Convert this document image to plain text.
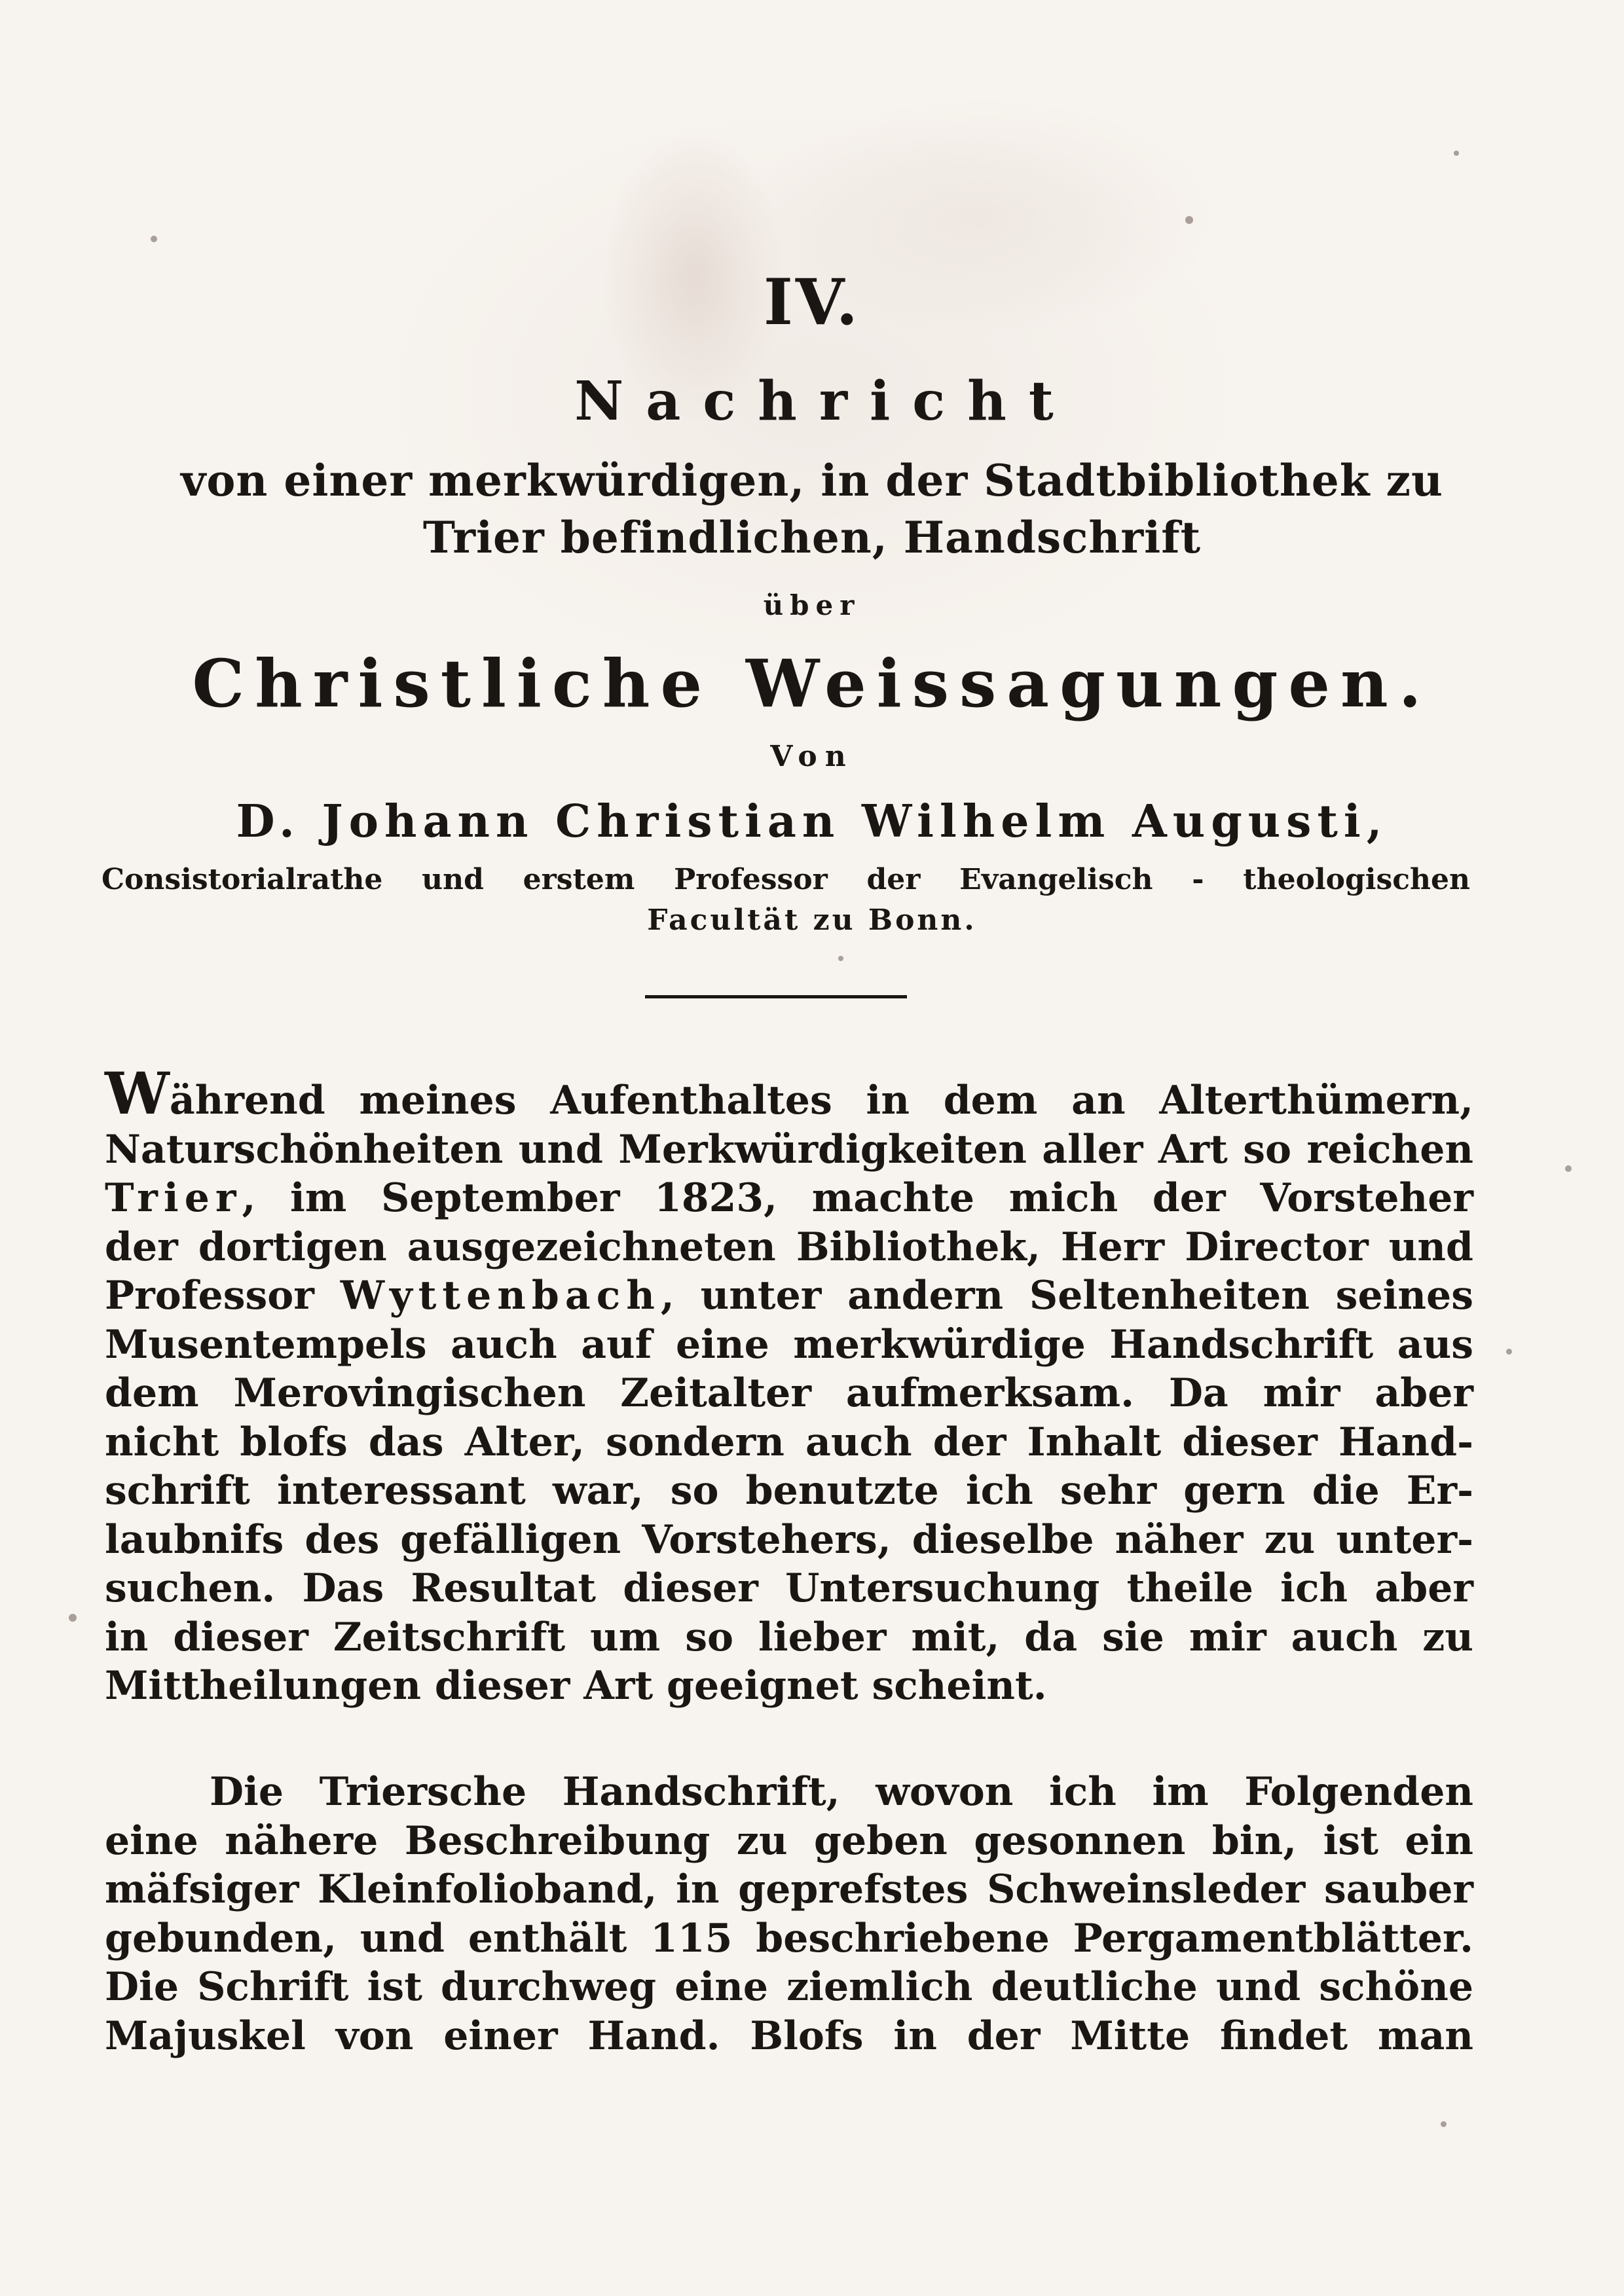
IV.
Nachricht
von einer merkwürdigen, in der Stadtbibliothek zu
Trier befindlichen, Handschrift
über
Christliche Weissagungen.
Von
D. Johann Christian Wilhelm Augusti,
Consistorialrathe und erstem Professor der Evangelisch - theologischen
Facultät zu Bonn.
Während meines Aufenthaltes in dem an Alterthümern,
Naturschönheiten und Merkwürdigkeiten aller Art so reichen
Trier, im September 1823, machte mich der Vorsteher
der dortigen ausgezeichneten Bibliothek, Herr Director und
Professor Wyttenbach, unter andern Seltenheiten seines
Musentempels auch auf eine merkwürdige Handschrift aus
dem Merovingischen Zeitalter aufmerksam. Da mir aber
nicht blofs das Alter, sondern auch der Inhalt dieser Hand-
schrift interessant war, so benutzte ich sehr gern die Er-
laubnifs des gefälligen Vorstehers, dieselbe näher zu unter-
suchen. Das Resultat dieser Untersuchung theile ich aber
in dieser Zeitschrift um so lieber mit, da sie mir auch zu
Mittheilungen dieser Art geeignet scheint.
Die Triersche Handschrift, wovon ich im Folgenden
eine nähere Beschreibung zu geben gesonnen bin, ist ein
mäfsiger Kleinfolioband, in geprefstes Schweinsleder sauber
gebunden, und enthält 115 beschriebene Pergamentblätter.
Die Schrift ist durchweg eine ziemlich deutliche und schöne
Majuskel von einer Hand. Blofs in der Mitte findet man
